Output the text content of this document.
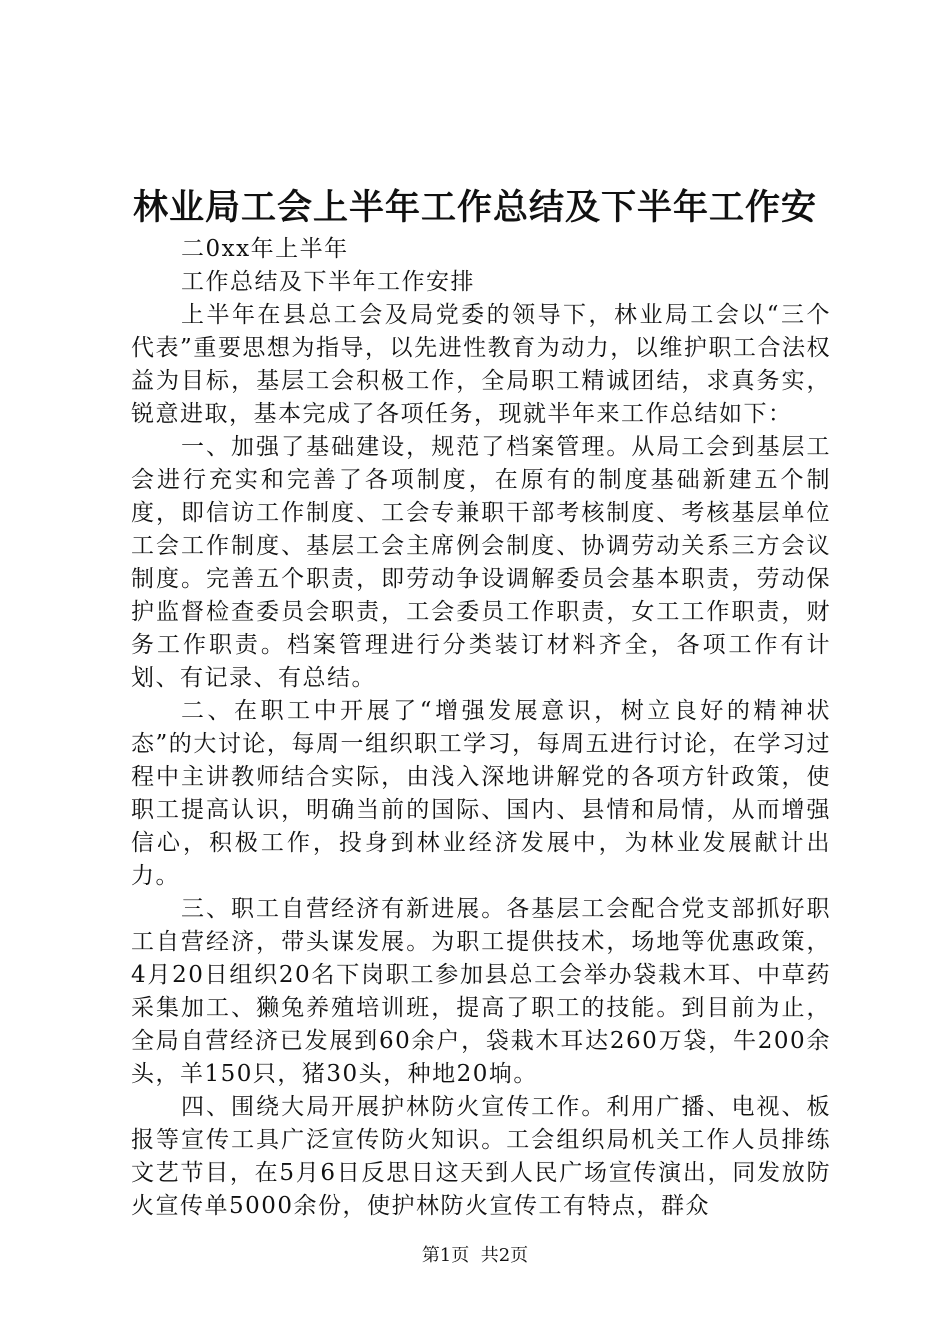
林业局工会上半年工作总结及下半年工作安

二0xx年上半年

工作总结及下半年工作安排

上半年在县总工会及局党委的领导下，林业局工会以“三个代表”重要思想为指导，以先进性教育为动力，以维护职工合法权益为目标，基层工会积极工作，全局职工精诚团结，求真务实，锐意进取，基本完成了各项任务，现就半年来工作总结如下：

一、加强了基础建设，规范了档案管理。从局工会到基层工会进行充实和完善了各项制度，在原有的制度基础新建五个制度，即信访工作制度、工会专兼职干部考核制度、考核基层单位工会工作制度、基层工会主席例会制度、协调劳动关系三方会议制度。完善五个职责，即劳动争设调解委员会基本职责，劳动保护监督检查委员会职责，工会委员工作职责，女工工作职责，财务工作职责。档案管理进行分类装订材料齐全，各项工作有计划、有记录、有总结。

二、在职工中开展了“增强发展意识，树立良好的精神状态”的大讨论，每周一组织职工学习，每周五进行讨论，在学习过程中主讲教师结合实际，由浅入深地讲解党的各项方针政策，使职工提高认识，明确当前的国际、国内、县情和局情，从而增强信心，积极工作，投身到林业经济发展中，为林业发展献计出力。

三、职工自营经济有新进展。各基层工会配合党支部抓好职工自营经济，带头谋发展。为职工提供技术，场地等优惠政策，4月20日组织20名下岗职工参加县总工会举办袋栽木耳、中草药采集加工、獭兔养殖培训班，提高了职工的技能。到目前为止，全局自营经济已发展到60余户，袋栽木耳达260万袋，牛200余头，羊150只，猪30头，种地20垧。

四、围绕大局开展护林防火宣传工作。利用广播、电视、板报等宣传工具广泛宣传防火知识。工会组织局机关工作人员排练文艺节目，在5月6日反思日这天到人民广场宣传演出，同发放防火宣传单5000余份，使护林防火宣传工有特点，群众

第1页  共2页
